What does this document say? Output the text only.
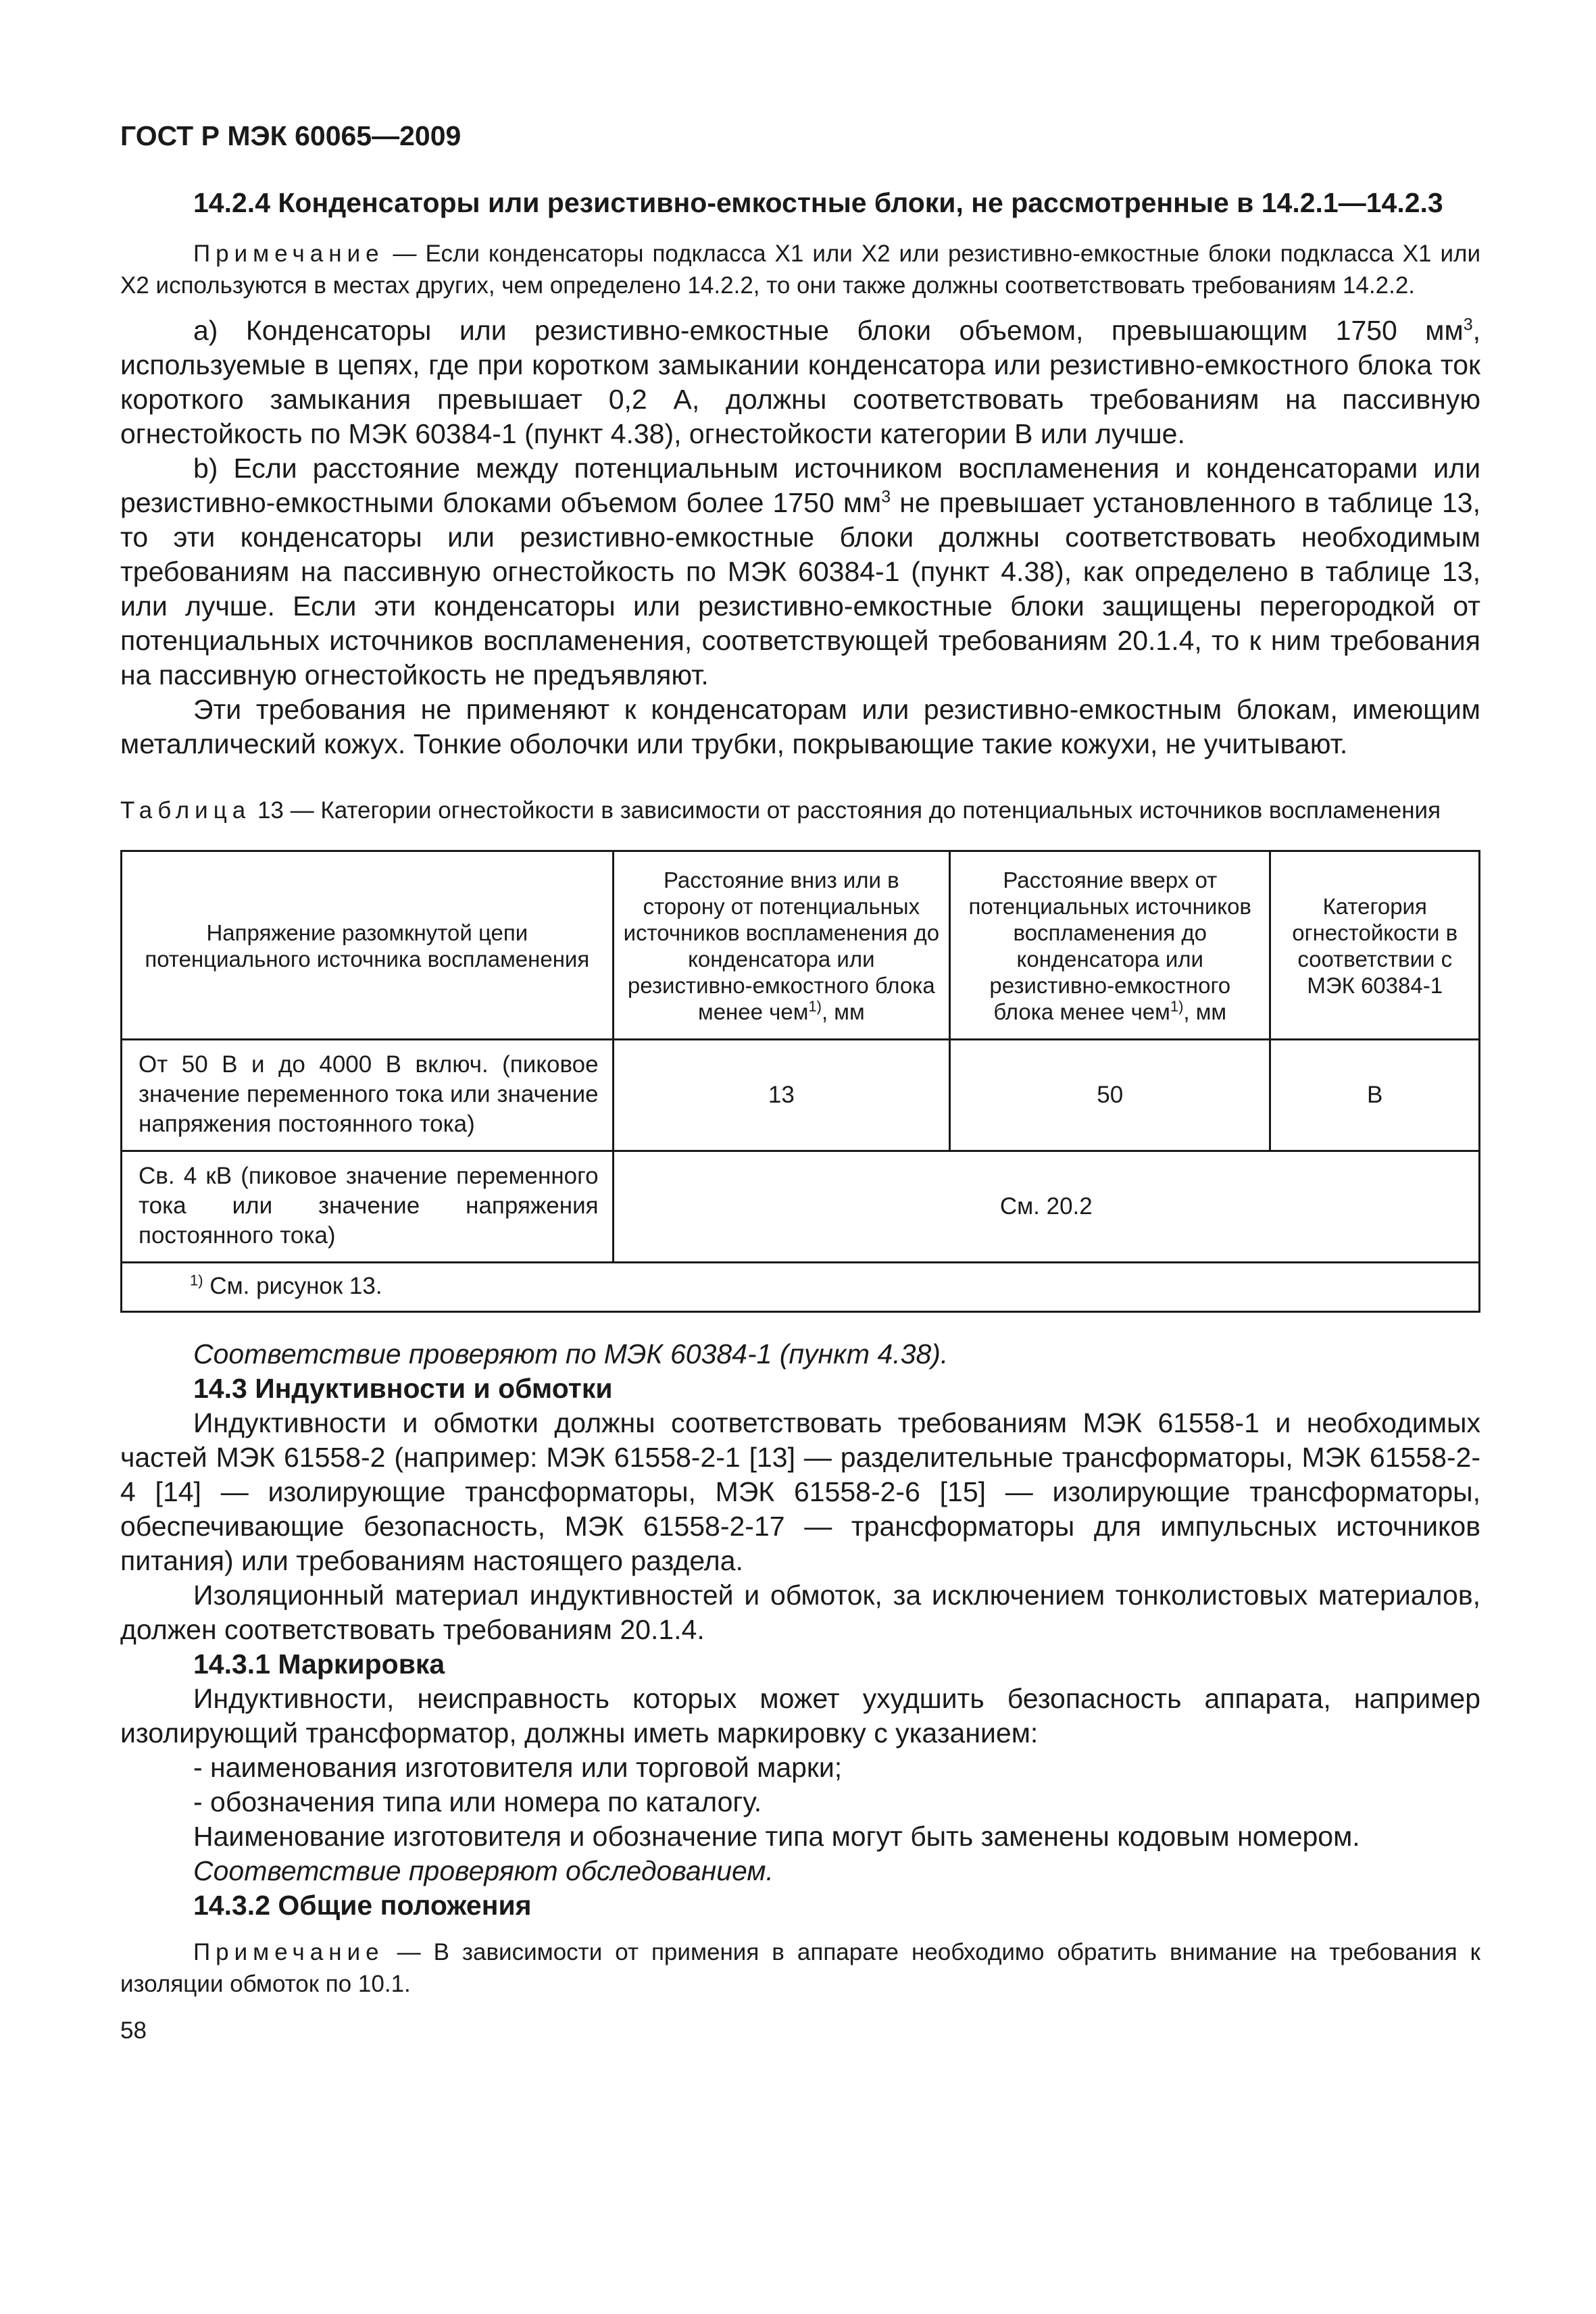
ГОСТ Р МЭК 60065—2009
14.2.4 Конденсаторы или резистивно-емкостные блоки, не рассмотренные в 14.2.1—14.2.3

Примечание — Если конденсаторы подкласса Х1 или Х2 или резистивно-емкостные блоки подкласса Х1 или Х2 используются в местах других, чем определено 14.2.2, то они также должны соответствовать требованиям 14.2.2.

a) Конденсаторы или резистивно-емкостные блоки объемом, превышающим 1750 $мм^3$, используемые в цепях, где при коротком замыкании конденсатора или резистивно-емкостного блока ток короткого замыкания превышает 0,2 А, должны соответствовать требованиям на пассивную огнестойкость по МЭК 60384-1 (пункт 4.38), огнестойкости категории В или лучше.

b) Если расстояние между потенциальным источником воспламенения и конденсаторами или резистивно-емкостными блоками объемом более 1750 $мм^3$ не превышает установленного в таблице 13, то эти конденсаторы или резистивно-емкостные блоки должны соответствовать необходимым требованиям на пассивную огнестойкость по МЭК 60384-1 (пункт 4.38), как определено в таблице 13, или лучше. Если эти конденсаторы или резистивно-емкостные блоки защищены перегородкой от потенциальных источников воспламенения, соответствующей требованиям 20.1.4, то к ним требования на пассивную огнестойкость не предъявляют.

Эти требования не применяют к конденсаторам или резистивно-емкостным блокам, имеющим металлический кожух. Тонкие оболочки или трубки, покрывающие такие кожухи, не учитывают.

Таблица 13 — Категории огнестойкости в зависимости от расстояния до потенциальных источников воспламенения

Напряжение разомкнутой цепи потенциального источника воспламенения	Расстояние вниз или в сторону от потенциальных источников воспламенения до конденсатора или резистивно-емкостного блока менее чем$^{1)}$, мм	Расстояние вверх от потенциальных источников воспламенения до конденсатора или резистивно-емкостного блока менее чем$^{1)}$, мм	Категория огнестойкости в соответствии с МЭК 60384-1
От 50 В и до 4000 В включ. (пиковое значение переменного тока или значение напряжения постоянного тока)	13	50	В
Св. 4 кВ (пиковое значение переменного тока или значение напряжения постоянного тока)	См. 20.2		
$^{1)}$ См. рисунок 13.			

Соответствие проверяют по МЭК 60384-1 (пункт 4.38).

14.3 Индуктивности и обмотки

Индуктивности и обмотки должны соответствовать требованиям МЭК 61558-1 и необходимых частей МЭК 61558-2 (например: МЭК 61558-2-1 [13] — разделительные трансформаторы, МЭК 61558-2-4 [14] — изолирующие трансформаторы, МЭК 61558-2-6 [15] — изолирующие трансформаторы, обеспечивающие безопасность, МЭК 61558-2-17 — трансформаторы для импульсных источников питания) или требованиям настоящего раздела.

Изоляционный материал индуктивностей и обмоток, за исключением тонколистовых материалов, должен соответствовать требованиям 20.1.4.

14.3.1 Маркировка

Индуктивности, неисправность которых может ухудшить безопасность аппарата, например изолирующий трансформатор, должны иметь маркировку с указанием:

- наименования изготовителя или торговой марки;
- обозначения типа или номера по каталогу.

Наименование изготовителя и обозначение типа могут быть заменены кодовым номером.

Соответствие проверяют обследованием.

14.3.2 Общие положения

Примечание — В зависимости от примения в аппарате необходимо обратить внимание на требования к изоляции обмоток по 10.1.

58
